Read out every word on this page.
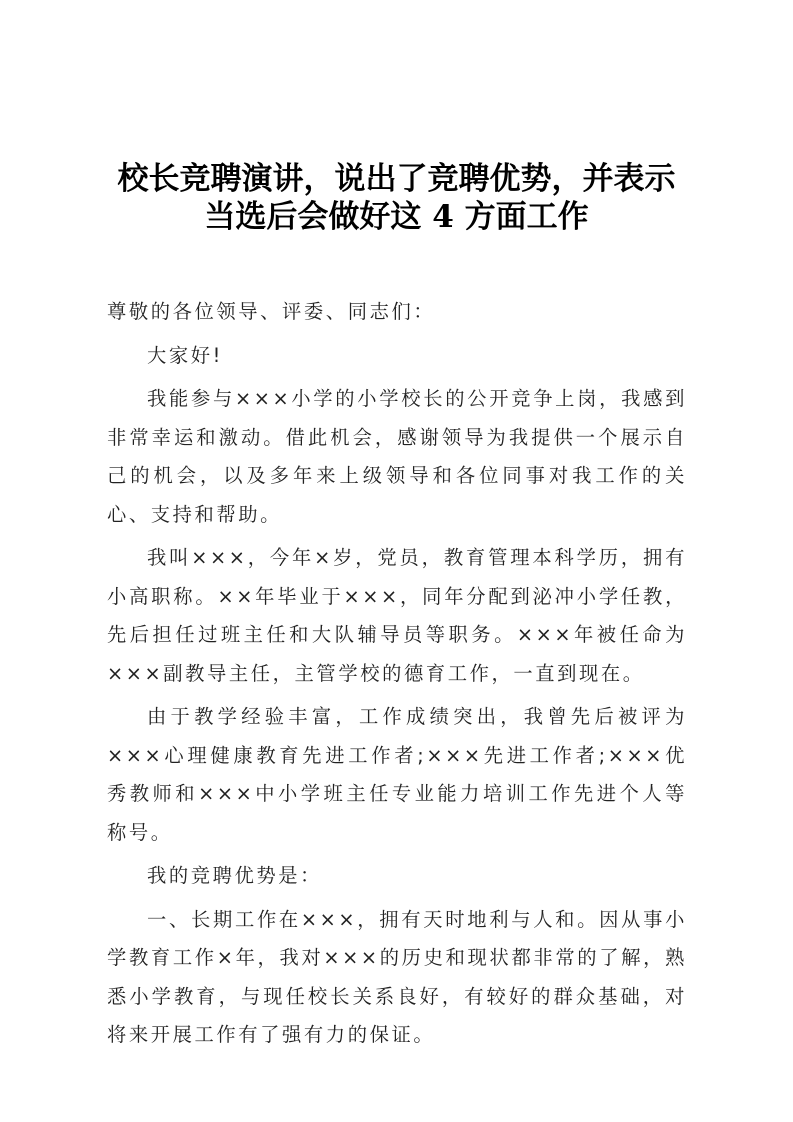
校长竞聘演讲，说出了竞聘优势，并表示
当选后会做好这 4 方面工作

尊敬的各位领导、评委、同志们：

大家好!

我能参与×××小学的小学校长的公开竞争上岗，我感到非常幸运和激动。借此机会，感谢领导为我提供一个展示自己的机会，以及多年来上级领导和各位同事对我工作的关心、支持和帮助。

我叫×××，今年×岁，党员，教育管理本科学历，拥有小高职称。××年毕业于×××，同年分配到泌冲小学任教，先后担任过班主任和大队辅导员等职务。×××年被任命为×××副教导主任，主管学校的德育工作，一直到现在。

由于教学经验丰富，工作成绩突出，我曾先后被评为×××心理健康教育先进工作者;×××先进工作者;×××优秀教师和×××中小学班主任专业能力培训工作先进个人等称号。

我的竞聘优势是：

一、长期工作在×××，拥有天时地利与人和。因从事小学教育工作×年，我对×××的历史和现状都非常的了解，熟悉小学教育，与现任校长关系良好，有较好的群众基础，对将来开展工作有了强有力的保证。
